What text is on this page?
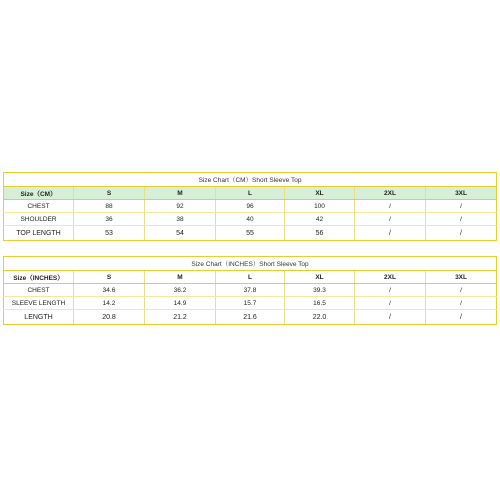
Size Chart（CM）Short Sleeve Top						
Size（CM）	S	M	L	XL	2XL	3XL
CHEST	88	92	96	100	/	/
SHOULDER	36	38	40	42	/	/
TOP LENGTH	53	54	55	56	/	/
Size Chart（INCHES）Short Sleeve Top						
Size（INCHES）	S	M	L	XL	2XL	3XL
CHEST	34.6	36.2	37.8	39.3	/	/
SLEEVE LENGTH	14.2	14.9	15.7	16.5	/	/
LENGTH	20.8	21.2	21.6	22.0	/	/
